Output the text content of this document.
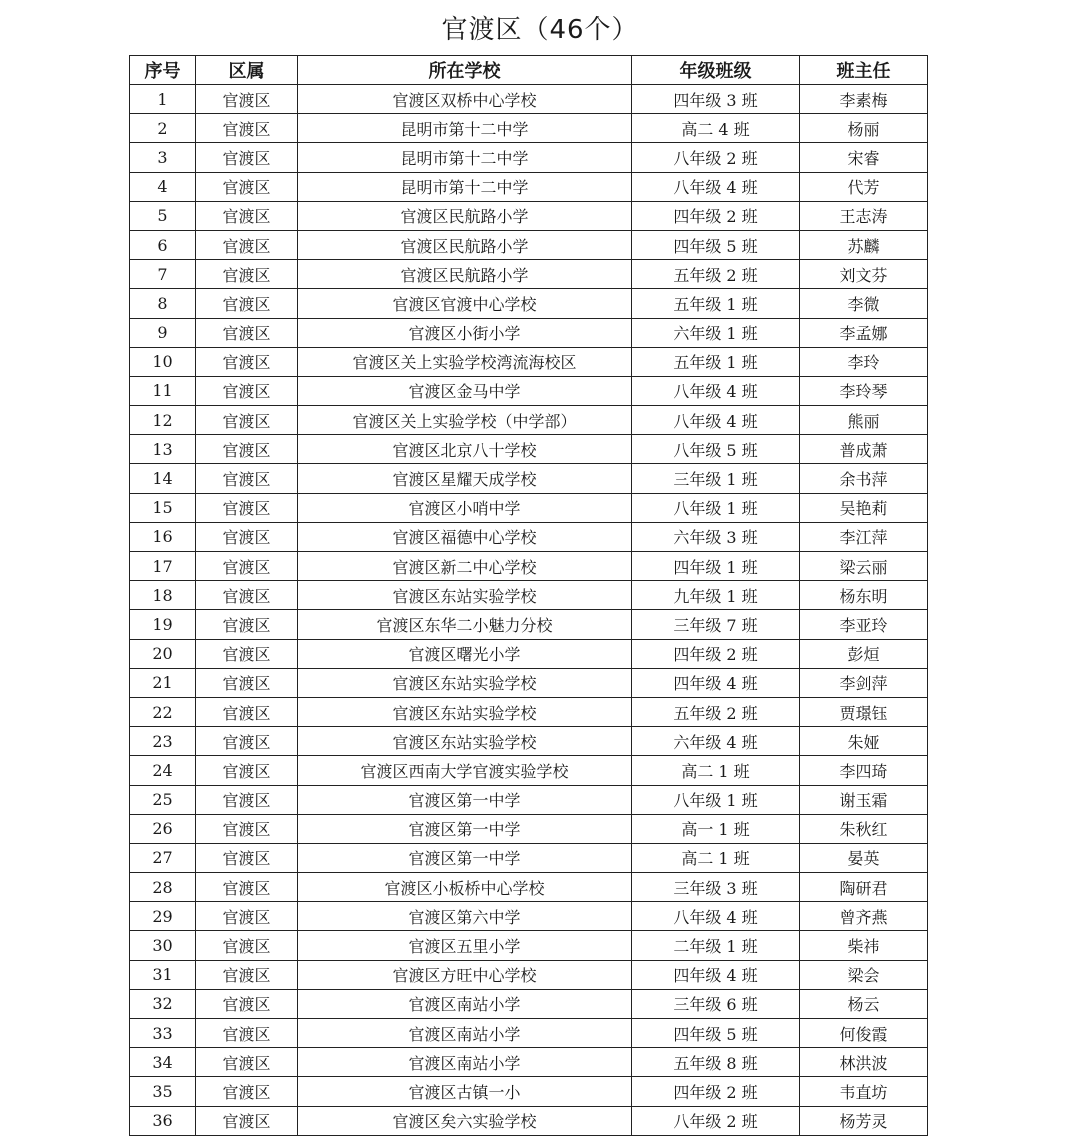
官渡区（46个）
序号	区属	所在学校	年级班级	班主任
1	官渡区	官渡区双桥中心学校	四年级 3 班	李素梅
2	官渡区	昆明市第十二中学	高二 4 班	杨丽
3	官渡区	昆明市第十二中学	八年级 2 班	宋睿
4	官渡区	昆明市第十二中学	八年级 4 班	代芳
5	官渡区	官渡区民航路小学	四年级 2 班	王志涛
6	官渡区	官渡区民航路小学	四年级 5 班	苏麟
7	官渡区	官渡区民航路小学	五年级 2 班	刘文芬
8	官渡区	官渡区官渡中心学校	五年级 1 班	李微
9	官渡区	官渡区小街小学	六年级 1 班	李孟娜
10	官渡区	官渡区关上实验学校湾流海校区	五年级 1 班	李玲
11	官渡区	官渡区金马中学	八年级 4 班	李玲琴
12	官渡区	官渡区关上实验学校（中学部）	八年级 4 班	熊丽
13	官渡区	官渡区北京八十学校	八年级 5 班	普成萧
14	官渡区	官渡区星耀天成学校	三年级 1 班	余书萍
15	官渡区	官渡区小哨中学	八年级 1 班	吴艳莉
16	官渡区	官渡区福德中心学校	六年级 3 班	李江萍
17	官渡区	官渡区新二中心学校	四年级 1 班	梁云丽
18	官渡区	官渡区东站实验学校	九年级 1 班	杨东明
19	官渡区	官渡区东华二小魅力分校	三年级 7 班	李亚玲
20	官渡区	官渡区曙光小学	四年级 2 班	彭烜
21	官渡区	官渡区东站实验学校	四年级 4 班	李剑萍
22	官渡区	官渡区东站实验学校	五年级 2 班	贾璟钰
23	官渡区	官渡区东站实验学校	六年级 4 班	朱娅
24	官渡区	官渡区西南大学官渡实验学校	高二 1 班	李四琦
25	官渡区	官渡区第一中学	八年级 1 班	谢玉霜
26	官渡区	官渡区第一中学	高一 1 班	朱秋红
27	官渡区	官渡区第一中学	高二 1 班	晏英
28	官渡区	官渡区小板桥中心学校	三年级 3 班	陶研君
29	官渡区	官渡区第六中学	八年级 4 班	曾齐燕
30	官渡区	官渡区五里小学	二年级 1 班	柴祎
31	官渡区	官渡区方旺中心学校	四年级 4 班	梁会
32	官渡区	官渡区南站小学	三年级 6 班	杨云
33	官渡区	官渡区南站小学	四年级 5 班	何俊霞
34	官渡区	官渡区南站小学	五年级 8 班	林洪波
35	官渡区	官渡区古镇一小	四年级 2 班	韦直坊
36	官渡区	官渡区矣六实验学校	八年级 2 班	杨芳灵
